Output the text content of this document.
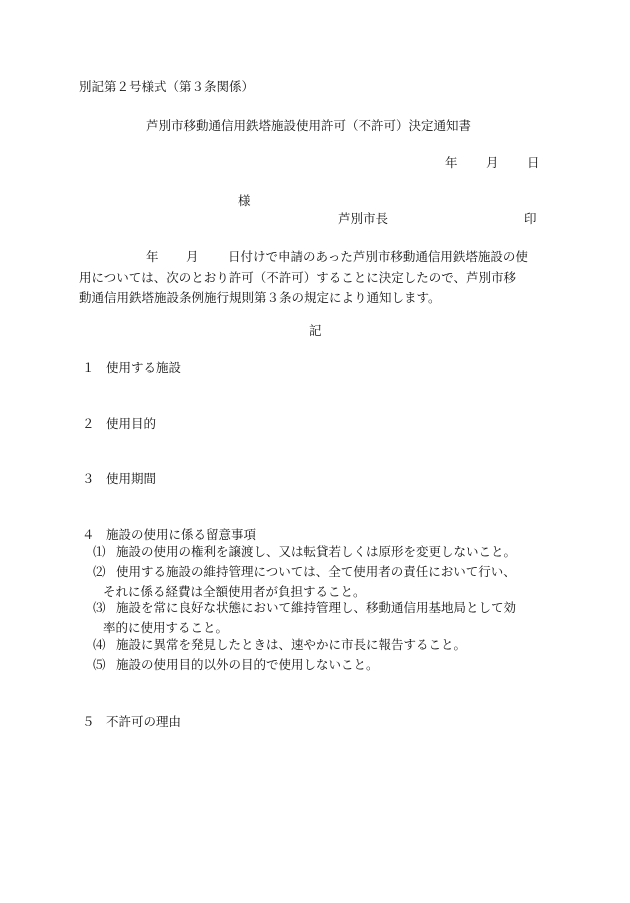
別記第２号様式（第３条関係）
芦別市移動通信用鉄塔施設使用許可（不許可）決定通知書
年 月 日
様
芦別市長	印
年 月 日付けで申請のあった芦別市移動通信用鉄塔施設の使
用については、次のとおり許可（不許可）することに決定したので、芦別市移
動通信用鉄塔施設条例施行規則第３条の規定により通知します。
記
１ 使用する施設
２ 使用目的
３ 使用期間
４ 施設の使用に係る留意事項
⑴ 施設の使用の権利を譲渡し、又は転貸若しくは原形を変更しないこと。
⑵ 使用する施設の維持管理については、全て使用者の責任において行い、
それに係る経費は全額使用者が負担すること。
⑶ 施設を常に良好な状態において維持管理し、移動通信用基地局として効
率的に使用すること。
⑷ 施設に異常を発見したときは、速やかに市長に報告すること。
⑸ 施設の使用目的以外の目的で使用しないこと。
５ 不許可の理由
